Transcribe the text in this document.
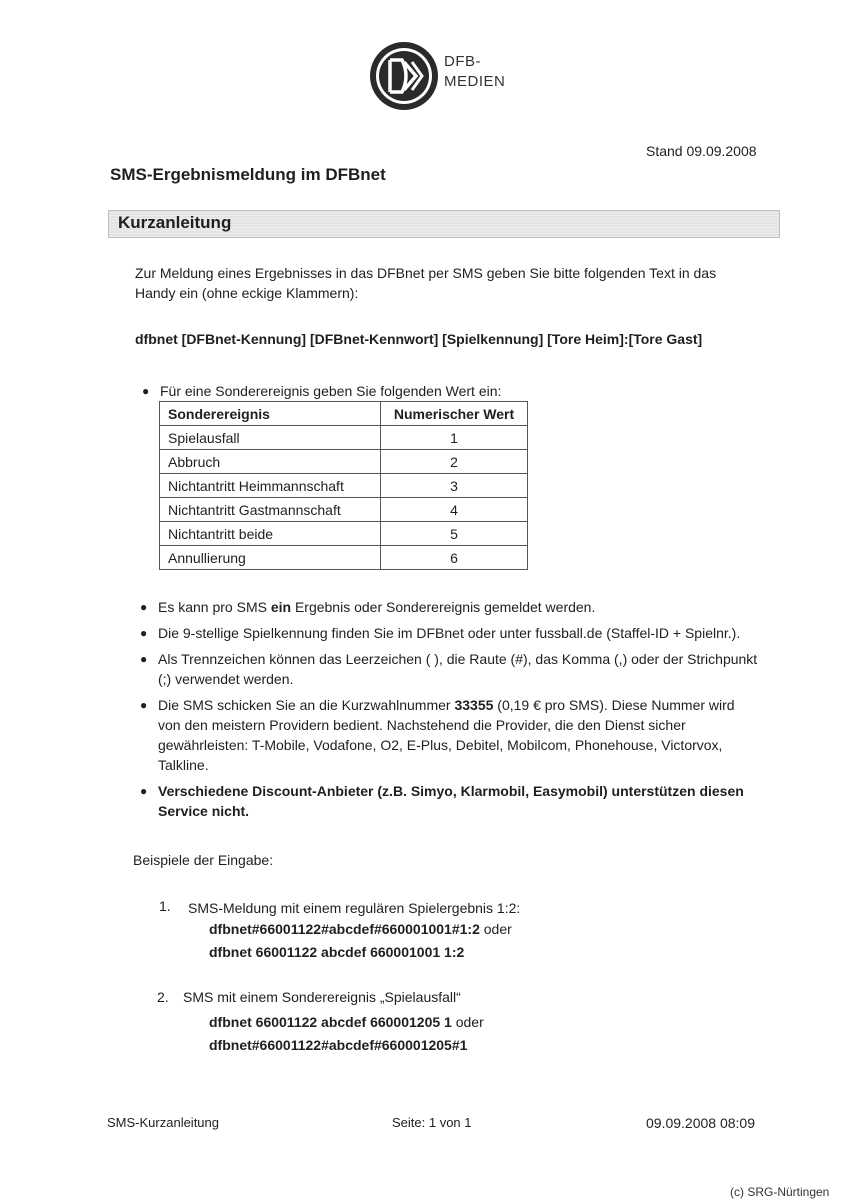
DFB-
MEDIEN
Stand 09.09.2008
SMS-Ergebnismeldung im DFBnet
Kurzanleitung
Zur Meldung eines Ergebnisses in das DFBnet per SMS geben Sie bitte folgenden Text in das Handy ein (ohne eckige Klammern):
dfbnet [DFBnet-Kennung] [DFBnet-Kennwort] [Spielkennung] [Tore Heim]:[Tore Gast]
● Für eine Sonderereignis geben Sie folgenden Wert ein:
Sonderereignis	Numerischer Wert
Spielausfall	1
Abbruch	2
Nichtantritt Heimmannschaft	3
Nichtantritt Gastmannschaft	4
Nichtantritt beide	5
Annullierung	6
● Es kann pro SMS ein Ergebnis oder Sonderereignis gemeldet werden.
● Die 9-stellige Spielkennung finden Sie im DFBnet oder unter fussball.de (Staffel-ID + Spielnr.).
● Als Trennzeichen können das Leerzeichen ( ), die Raute (#), das Komma (,) oder der Strichpunkt (;) verwendet werden.
● Die SMS schicken Sie an die Kurzwahlnummer 33355 (0,19 € pro SMS). Diese Nummer wird von den meistern Providern bedient. Nachstehend die Provider, die den Dienst sicher gewährleisten: T-Mobile, Vodafone, O2, E-Plus, Debitel, Mobilcom, Phonehouse, Victorvox, Talkline.
● Verschiedene Discount-Anbieter (z.B. Simyo, Klarmobil, Easymobil) unterstützen diesen Service nicht.
Beispiele der Eingabe:
1. SMS-Meldung mit einem regulären Spielergebnis 1:2:
dfbnet#66001122#abcdef#660001001#1:2 oder
dfbnet 66001122 abcdef 660001001 1:2
2. SMS mit einem Sonderereignis „Spielausfall“
dfbnet 66001122 abcdef 660001205 1 oder
dfbnet#66001122#abcdef#660001205#1
SMS-Kurzanleitung	Seite: 1 von 1	09.09.2008 08:09
(c) SRG-Nürtingen
